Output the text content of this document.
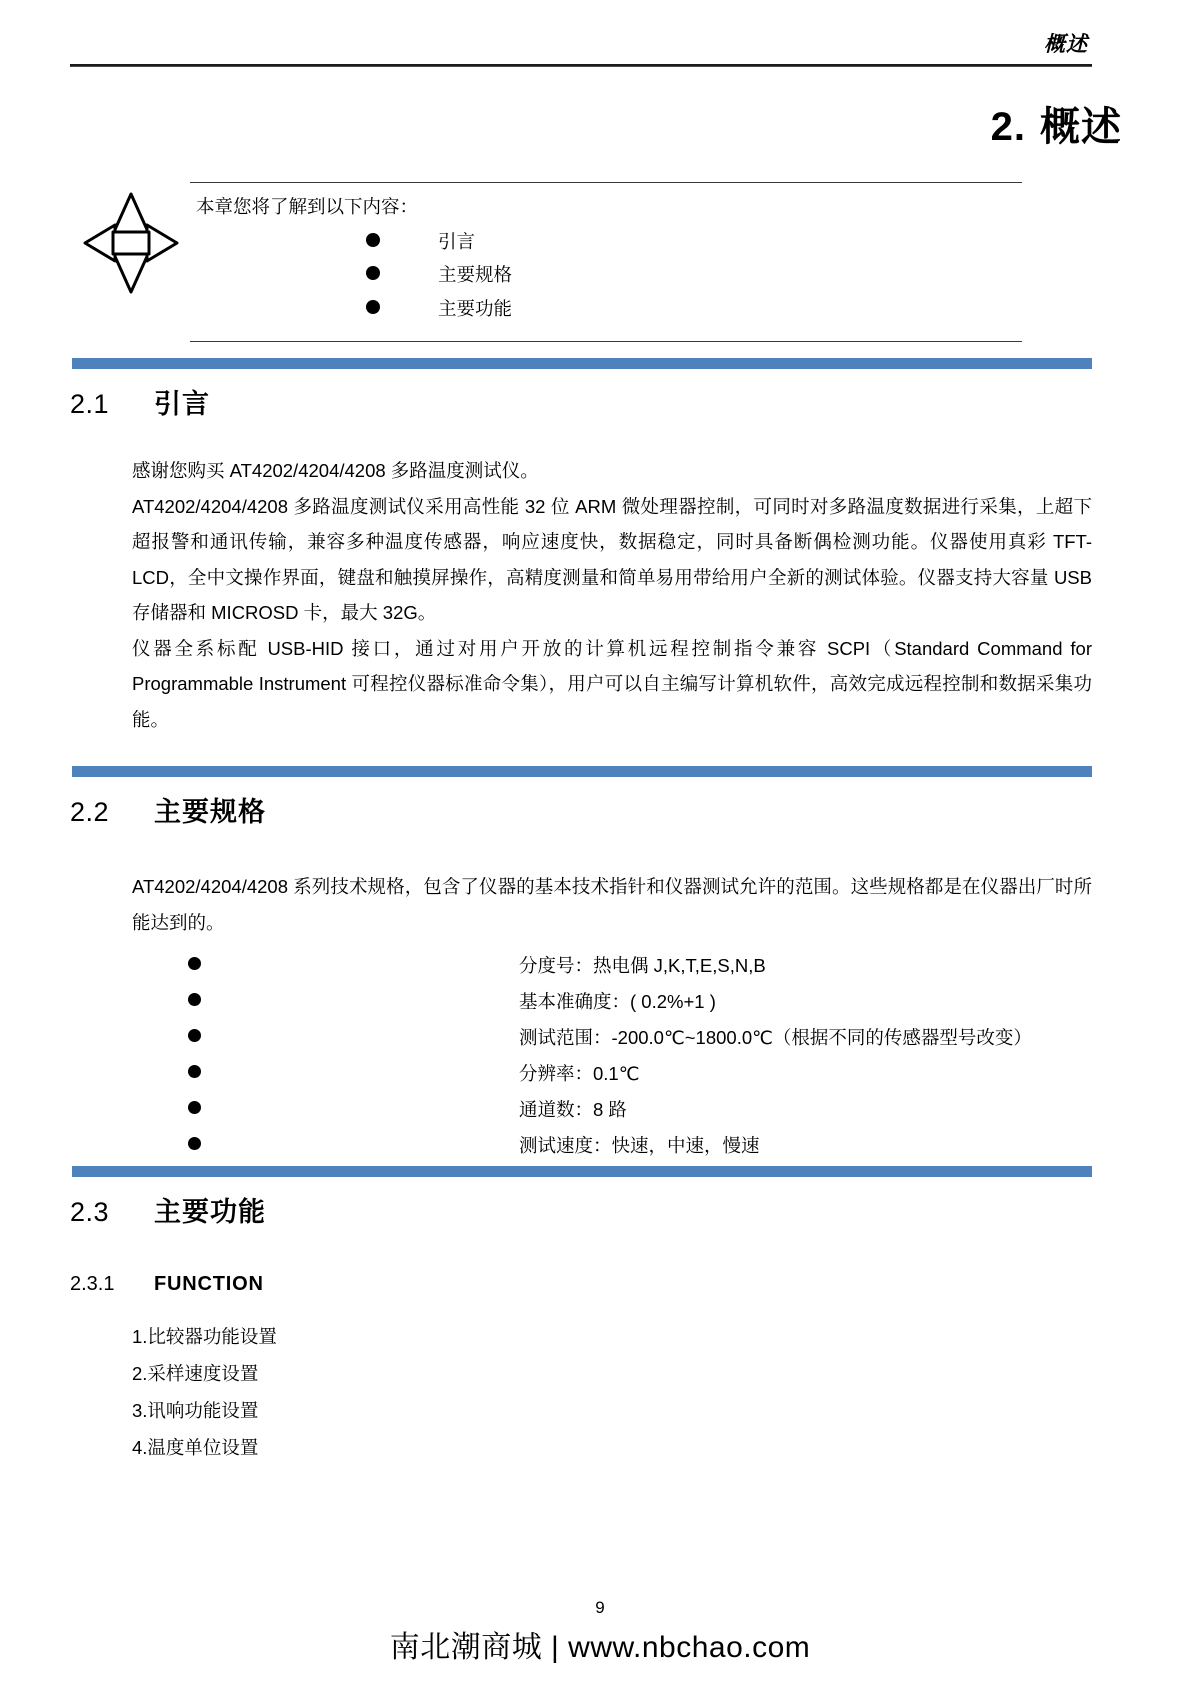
概述
2. 概述
本章您将了解到以下内容：
引言
主要规格
主要功能
2.1	引言

感谢您购买 AT4202/4204/4208 多路温度测试仪。

AT4202/4204/4208 多路温度测试仪采用高性能 32 位 ARM 微处理器控制，可同时对多路温度数据进行采集，上超下超报警和通讯传输，兼容多种温度传感器，响应速度快，数据稳定，同时具备断偶检测功能。仪器使用真彩 TFT-LCD，全中文操作界面，键盘和触摸屏操作，高精度测量和简单易用带给用户全新的测试体验。仪器支持大容量 USB 存储器和 MICROSD 卡，最大 32G。

仪器全系标配 USB-HID 接口，通过对用户开放的计算机远程控制指令兼容 SCPI（Standard Command for Programmable Instrument 可程控仪器标准命令集），用户可以自主编写计算机软件，高效完成远程控制和数据采集功能。

2.2	主要规格

AT4202/4204/4208 系列技术规格，包含了仪器的基本技术指针和仪器测试允许的范围。这些规格都是在仪器出厂时所能达到的。

分度号：热电偶 J,K,T,E,S,N,B
基本准确度：( 0.2%+1 )
测试范围：-200.0℃~1800.0℃（根据不同的传感器型号改变）
分辨率：0.1℃
通道数：8 路
测试速度：快速，中速，慢速
2.3	主要功能
2.3.1	FUNCTION
1.比较器功能设置
2.采样速度设置
3.讯响功能设置
4.温度单位设置
9
南北潮商城 | www.nbchao.com
